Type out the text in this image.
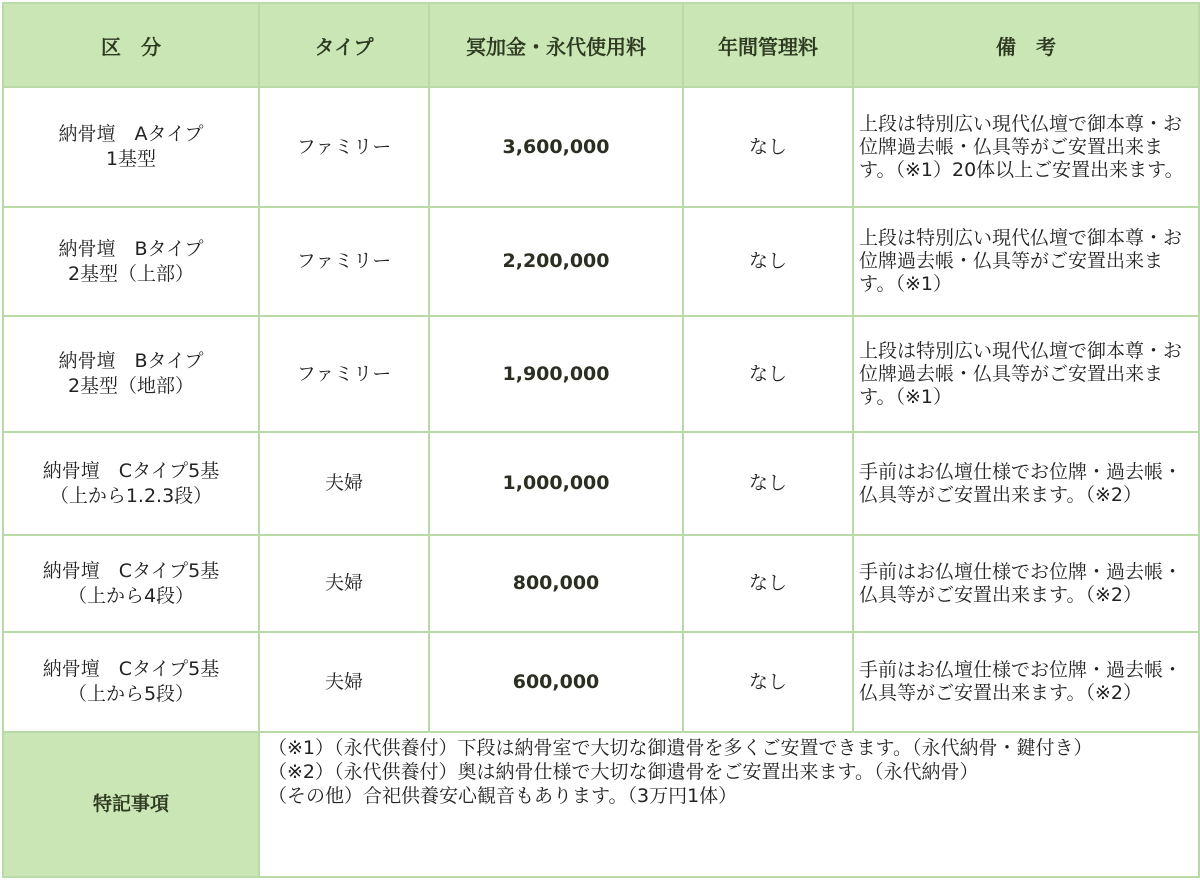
区　分	タイプ	冥加金・永代使用料	年間管理料	備　考
納骨壇　Aタイプ
1基型	ファミリー	3,600,000	なし	上段は特別広い現代仏壇で御本尊・お位牌過去帳・仏具等がご安置出来ます。（※1）20体以上ご安置出来ます。
納骨壇　Bタイプ
2基型（上部）	ファミリー	2,200,000	なし	上段は特別広い現代仏壇で御本尊・お位牌過去帳・仏具等がご安置出来ます。（※1）
納骨壇　Bタイプ
2基型（地部）	ファミリー	1,900,000	なし	上段は特別広い現代仏壇で御本尊・お位牌過去帳・仏具等がご安置出来ます。（※1）
納骨壇　Cタイプ5基
（上から1.2.3段）	夫婦	1,000,000	なし	手前はお仏壇仕様でお位牌・過去帳・仏具等がご安置出来ます。（※2）
納骨壇　Cタイプ5基
（上から4段）	夫婦	800,000	なし	手前はお仏壇仕様でお位牌・過去帳・仏具等がご安置出来ます。（※2）
納骨壇　Cタイプ5基
（上から5段）	夫婦	600,000	なし	手前はお仏壇仕様でお位牌・過去帳・仏具等がご安置出来ます。（※2）
特記事項	（※1）（永代供養付）下段は納骨室で大切な御遺骨を多くご安置できます。（永代納骨・鍵付き）
（※2）（永代供養付）奥は納骨仕様で大切な御遺骨をご安置出来ます。（永代納骨）
（その他）合祀供養安心観音もあります。（3万円1体）			
